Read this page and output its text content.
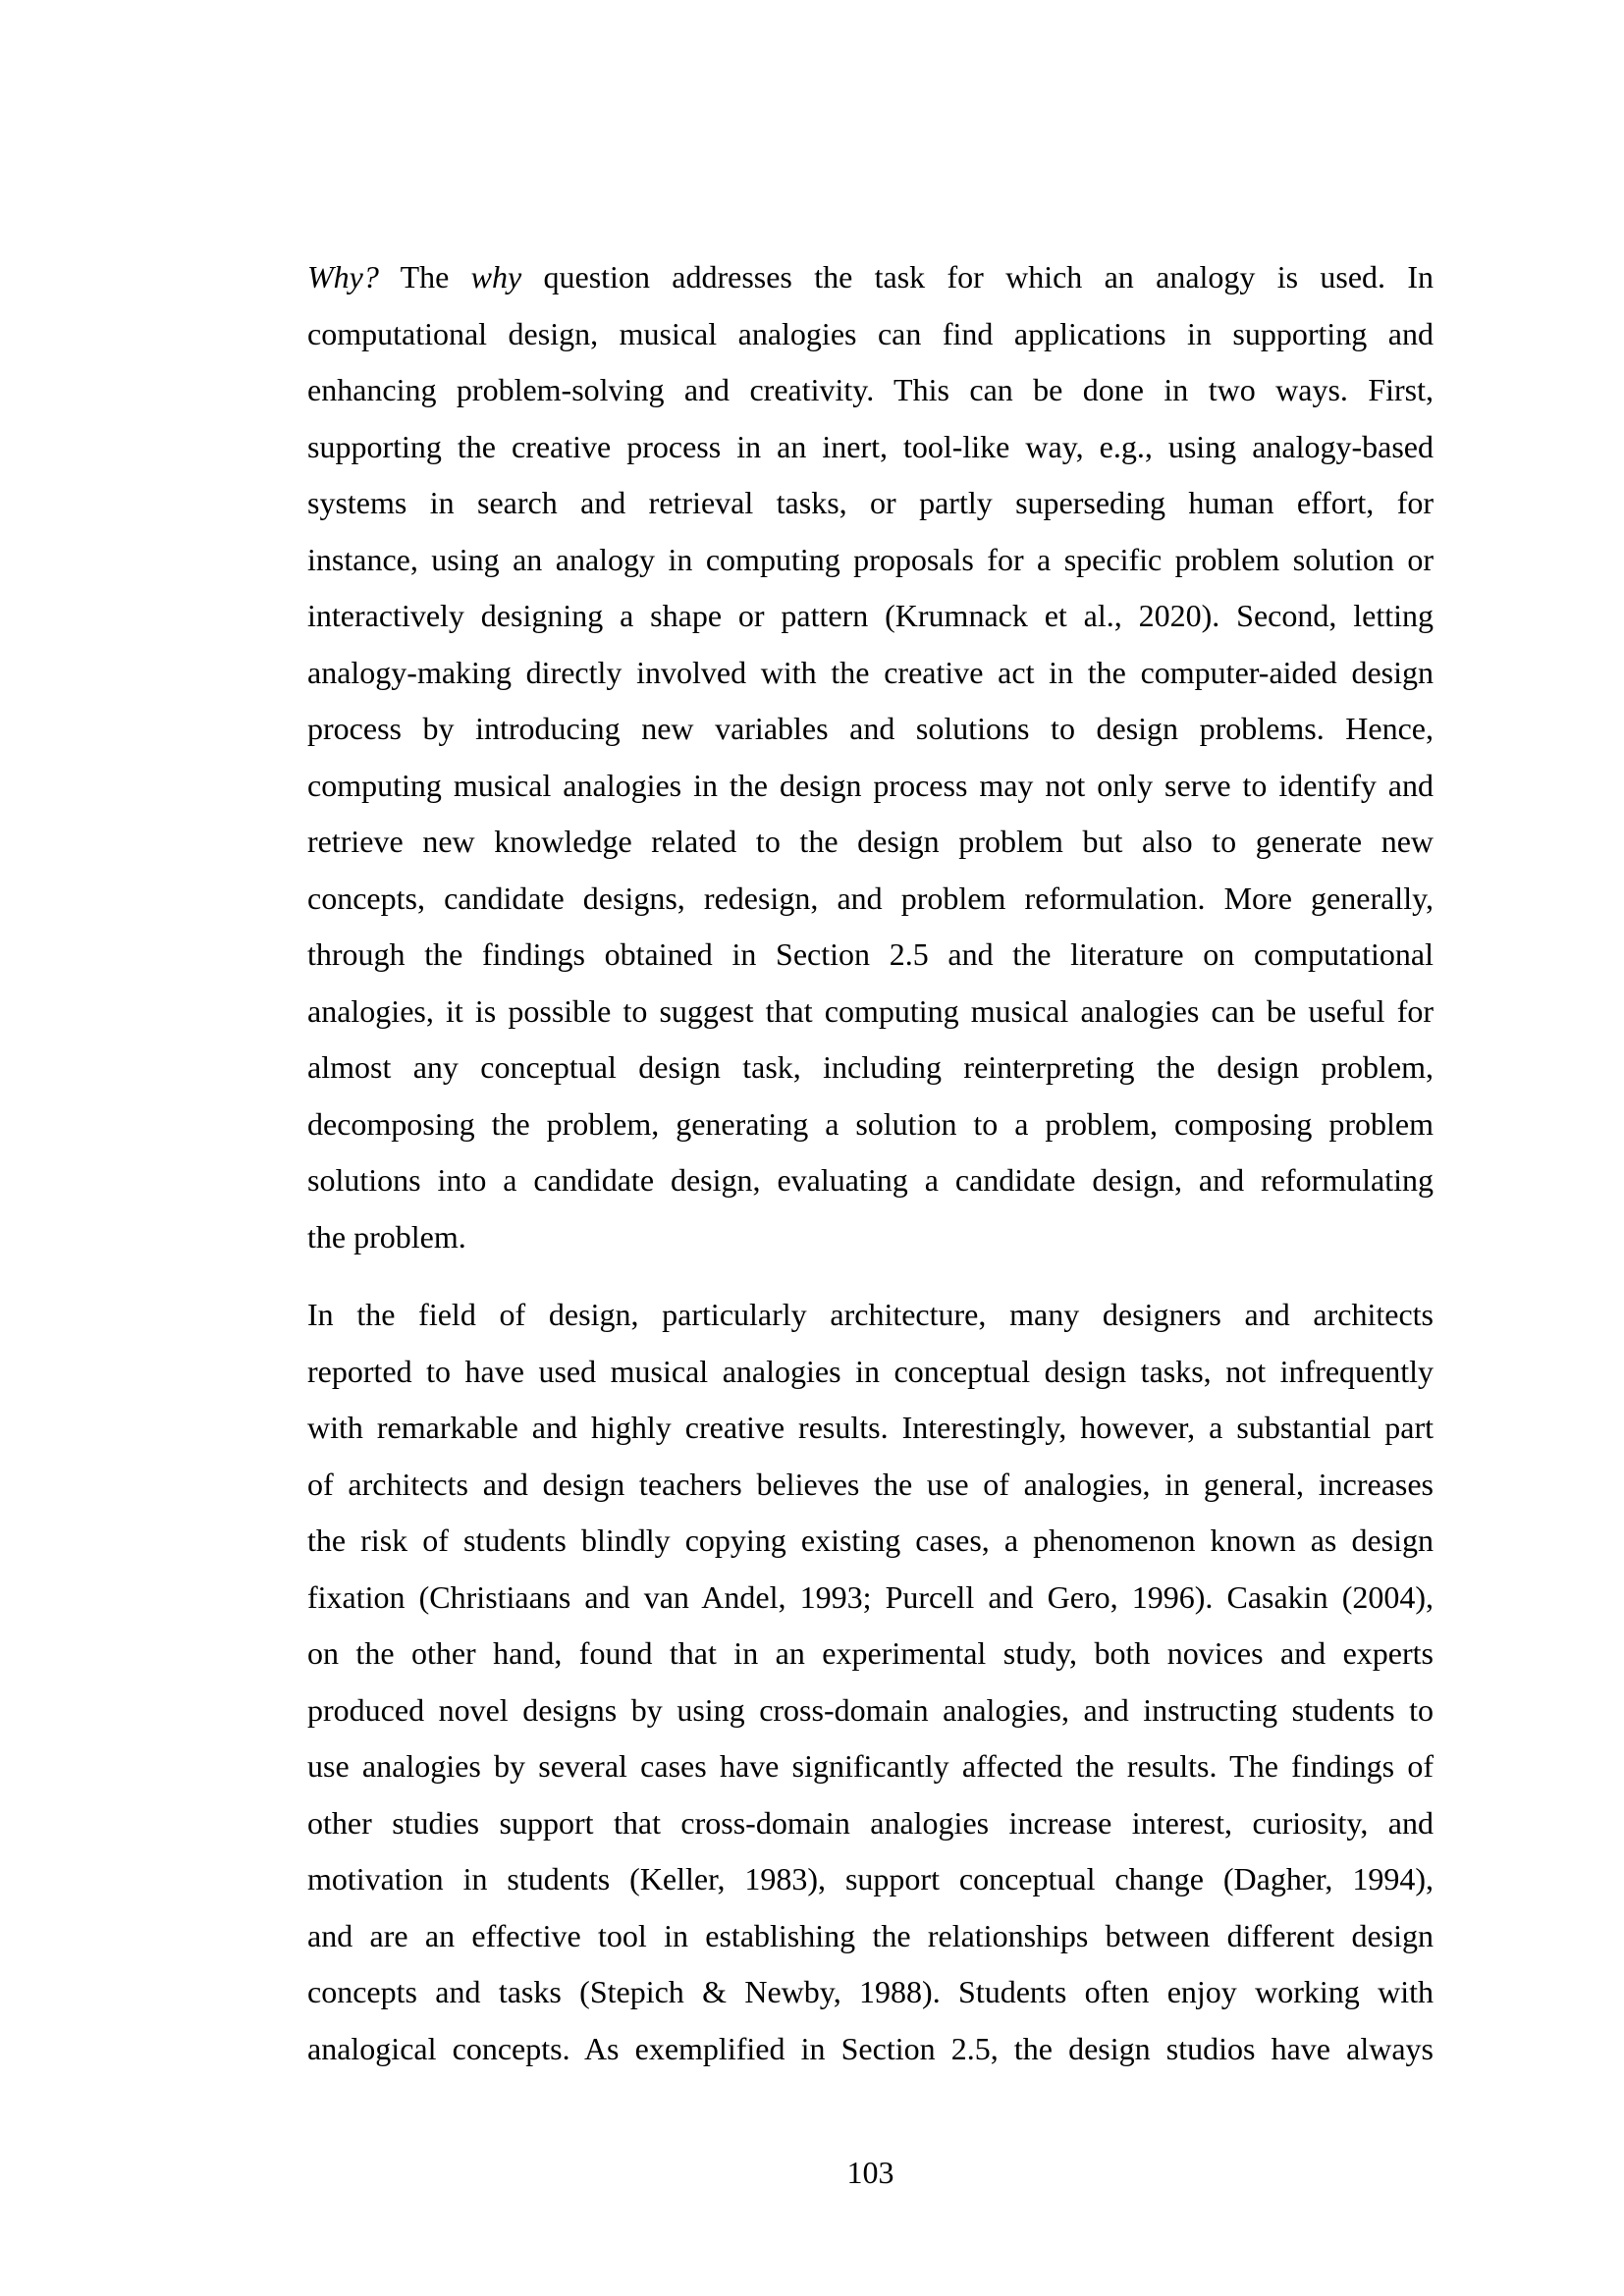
Why? The why question addresses the task for which an analogy is used. In
computational design, musical analogies can find applications in supporting and
enhancing problem-solving and creativity. This can be done in two ways. First,
supporting the creative process in an inert, tool-like way, e.g., using analogy-based
systems in search and retrieval tasks, or partly superseding human effort, for
instance, using an analogy in computing proposals for a specific problem solution or
interactively designing a shape or pattern (Krumnack et al., 2020). Second, letting
analogy-making directly involved with the creative act in the computer-aided design
process by introducing new variables and solutions to design problems. Hence,
computing musical analogies in the design process may not only serve to identify and
retrieve new knowledge related to the design problem but also to generate new
concepts, candidate designs, redesign, and problem reformulation. More generally,
through the findings obtained in Section 2.5 and the literature on computational
analogies, it is possible to suggest that computing musical analogies can be useful for
almost any conceptual design task, including reinterpreting the design problem,
decomposing the problem, generating a solution to a problem, composing problem
solutions into a candidate design, evaluating a candidate design, and reformulating
the problem.
In the field of design, particularly architecture, many designers and architects
reported to have used musical analogies in conceptual design tasks, not infrequently
with remarkable and highly creative results. Interestingly, however, a substantial part
of architects and design teachers believes the use of analogies, in general, increases
the risk of students blindly copying existing cases, a phenomenon known as design
fixation (Christiaans and van Andel, 1993; Purcell and Gero, 1996). Casakin (2004),
on the other hand, found that in an experimental study, both novices and experts
produced novel designs by using cross-domain analogies, and instructing students to
use analogies by several cases have significantly affected the results. The findings of
other studies support that cross-domain analogies increase interest, curiosity, and
motivation in students (Keller, 1983), support conceptual change (Dagher, 1994),
and are an effective tool in establishing the relationships between different design
concepts and tasks (Stepich & Newby, 1988). Students often enjoy working with
analogical concepts. As exemplified in Section 2.5, the design studios have always
103
